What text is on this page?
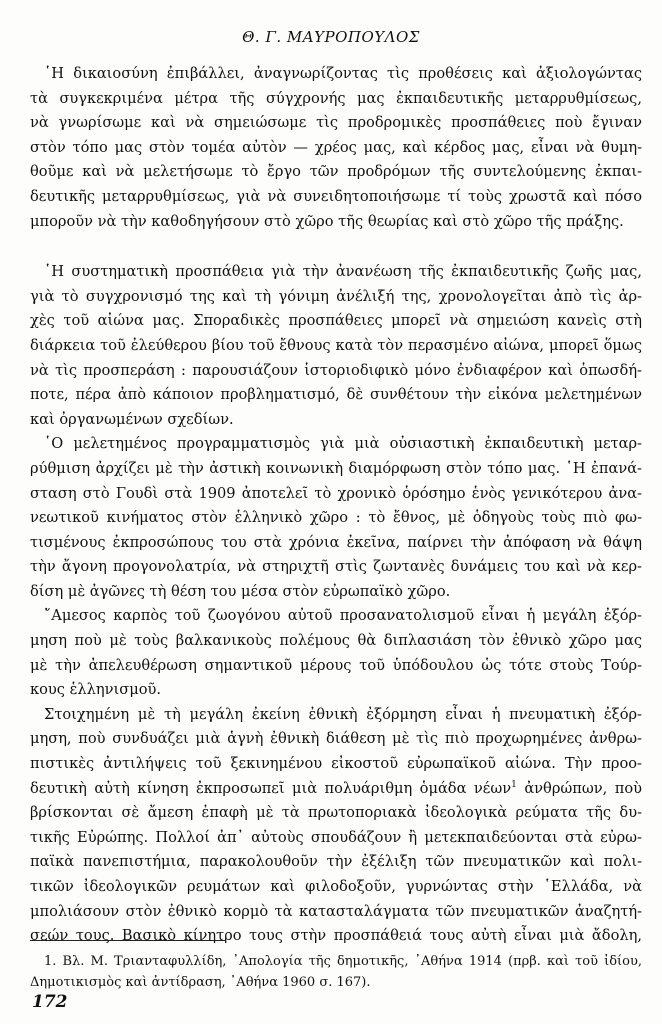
Θ. Γ. ΜΑΥΡΟΠΟΥΛΟΣ
῾Η δικαιοσύνη ἐπιβάλλει, ἀναγνωρίζοντας τὶς προθέσεις καὶ ἀξιολογώντας
τὰ συγκεκριμένα μέτρα τῆς σύγχρονής μας ἐκπαιδευτικῆς μεταρρυθμίσεως,
νὰ γνωρίσωμε καὶ νὰ σημειώσωμε τὶς προδρομικὲς προσπάθειες ποὺ ἔγιναν
στὸν τόπο μας στὸν τομέα αὐτὸν — χρέος μας, καὶ κέρδος μας, εἶναι νὰ θυμη-
θοῦμε καὶ νὰ μελετήσωμε τὸ ἔργο τῶν προδρόμων τῆς συντελούμενης ἐκπαι-
δευτικῆς μεταρρυθμίσεως, γιὰ νὰ συνειδητοποιήσωμε τί τοὺς χρωστᾶ καὶ πόσο
μποροῦν νὰ τὴν καθοδηγήσουν στὸ χῶρο τῆς θεωρίας καὶ στὸ χῶρο τῆς πράξης.
῾Η συστηματικὴ προσπάθεια γιὰ τὴν ἀνανέωση τῆς ἐκπαιδευτικῆς ζωῆς μας,
γιὰ τὸ συγχρονισμό της καὶ τὴ γόνιμη ἀνέλιξή της, χρονολογεῖται ἀπὸ τὶς ἀρ-
χὲς τοῦ αἰώνα μας. Σποραδικὲς προσπάθειες μπορεῖ νὰ σημειώση κανεὶς στὴ
διάρκεια τοῦ ἐλεύθερου βίου τοῦ ἔθνους κατὰ τὸν περασμένο αἰώνα, μπορεῖ ὅμως
νὰ τὶς προσπεράση : παρουσιάζουν ἱστοριοδιφικὸ μόνο ἐνδιαφέρον καὶ ὁπωσδή-
ποτε, πέρα ἀπὸ κάποιον προβληματισμό, δὲ συνθέτουν τὴν εἰκόνα μελετημένων
καὶ ὀργανωμένων σχεδίων.
῾Ο μελετημένος προγραμματισμὸς γιὰ μιὰ οὐσιαστικὴ ἐκπαιδευτικὴ μεταρ-
ρύθμιση ἀρχίζει μὲ τὴν ἀστικὴ κοινωνικὴ διαμόρφωση στὸν τόπο μας. ῾Η ἐπανά-
σταση στὸ Γουδὶ στὰ 1909 ἀποτελεῖ τὸ χρονικὸ ὁρόσημο ἑνὸς γενικότερου ἀνα-
νεωτικοῦ κινήματος στὸν ἑλληνικὸ χῶρο : τὸ ἔθνος, μὲ ὁδηγοὺς τοὺς πιὸ φω-
τισμένους ἐκπροσώπους του στὰ χρόνια ἐκεῖνα, παίρνει τὴν ἀπόφαση νὰ θάψη
τὴν ἄγονη προγονολατρία, νὰ στηριχτῆ στὶς ζωντανὲς δυνάμεις του καὶ νὰ κερ-
δίση μὲ ἀγῶνες τὴ θέση του μέσα στὸν εὐρωπαϊκὸ χῶρο.
῎Αμεσος καρπὸς τοῦ ζωογόνου αὐτοῦ προσανατολισμοῦ εἶναι ἡ μεγάλη ἐξόρ-
μηση ποὺ μὲ τοὺς βαλκανικοὺς πολέμους θὰ διπλασιάση τὸν ἐθνικὸ χῶρο μας
μὲ τὴν ἀπελευθέρωση σημαντικοῦ μέρους τοῦ ὑπόδουλου ὡς τότε στοὺς Τούρ-
κους ἑλληνισμοῦ.
Στοιχημένη μὲ τὴ μεγάλη ἐκείνη ἐθνικὴ ἐξόρμηση εἶναι ἡ πνευματικὴ ἐξόρ-
μηση, ποὺ συνδυάζει μιὰ ἁγνὴ ἐθνικὴ διάθεση μὲ τὶς πιὸ προχωρημένες ἀνθρω-
πιστικὲς ἀντιλήψεις τοῦ ξεκινημένου εἰκοστοῦ εὐρωπαϊκοῦ αἰώνα. Τὴν προο-
δευτικὴ αὐτὴ κίνηση ἐκπροσωπεῖ μιὰ πολυάριθμη ὁμάδα νέων$^1$ ἀνθρώπων, ποὺ
βρίσκονται σὲ ἄμεση ἐπαφὴ μὲ τὰ πρωτοποριακὰ ἰδεολογικὰ ρεύματα τῆς δυ-
τικῆς Εὐρώπης. Πολλοί ἀπ᾽ αὐτοὺς σπουδάζουν ἢ μετεκπαιδεύονται στὰ εὐρω-
παϊκὰ πανεπιστήμια, παρακολουθοῦν τὴν ἐξέλιξη τῶν πνευματικῶν καὶ πολι-
τικῶν ἰδεολογικῶν ρευμάτων καὶ φιλοδοξοῦν, γυρνώντας στὴν ῾Ελλάδα, νὰ
μπολιάσουν στὸν ἐθνικὸ κορμὸ τὰ κατασταλάγματα τῶν πνευματικῶν ἀναζητή-
σεών τους. Βασικὸ κίνητρο τους στὴν προσπάθειά τους αὐτὴ εἶναι μιὰ ἄδολη,
1. Βλ. Μ. Τριανταφυλλίδη, ᾽Απολογία τῆς δημοτικῆς, ᾽Αθήνα 1914 (πρβ. καὶ τοῦ ἰδίου,
Δημοτικισμὸς καὶ ἀντίδραση, ᾽Αθήνα 1960 σ. 167).
172
